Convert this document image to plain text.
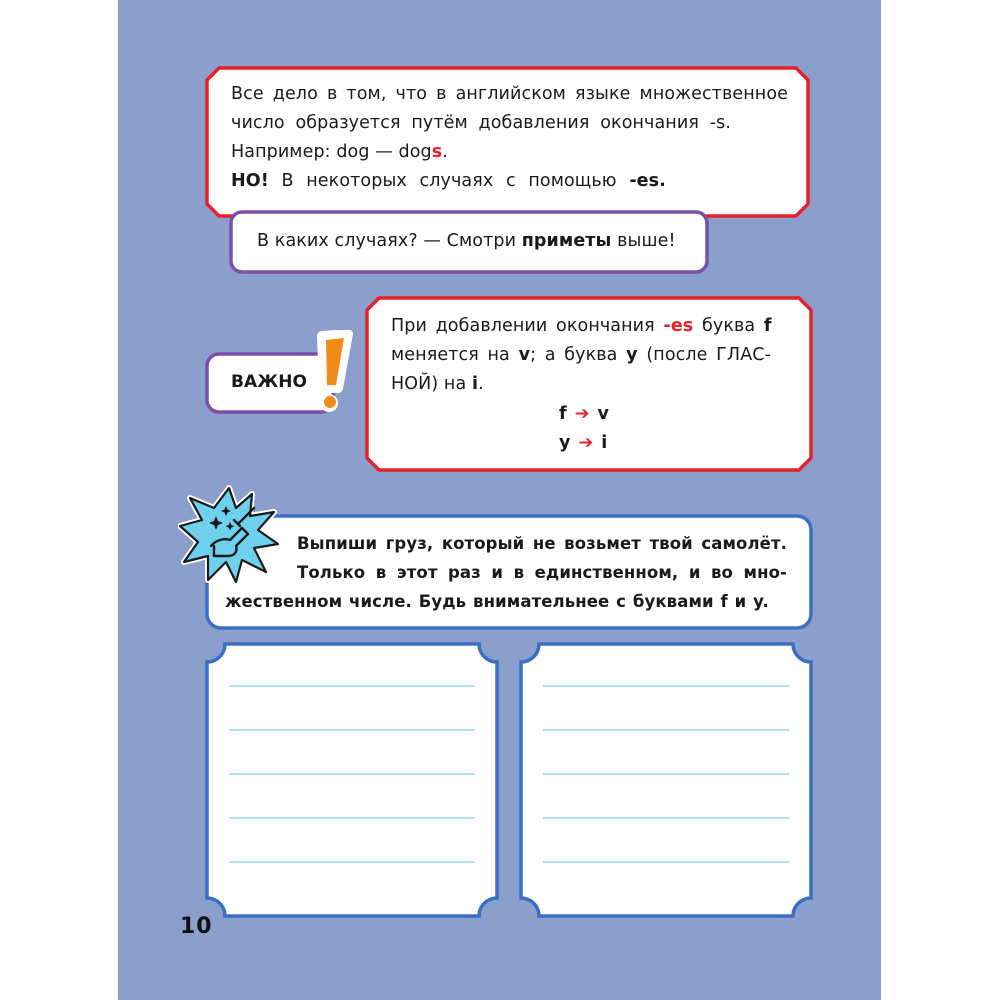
Все дело в том, что в английском языке множественное
число образуется путём добавления окончания -s.
Например: dog — dogs.
НО! В некоторых случаях с помощью -es.
В каких случаях? — Смотри приметы выше!
ВАЖНО
При добавлении окончания -es буква f
меняется на v; а буква y (после ГЛАС-
НОЙ) на i.
f ➔ v
y ➔ i
Выпиши груз, который не возьмет твой самолёт.
Только в этот раз и в единственном, и во мно-
жественном числе. Будь внимательнее с буквами f и y.
10
